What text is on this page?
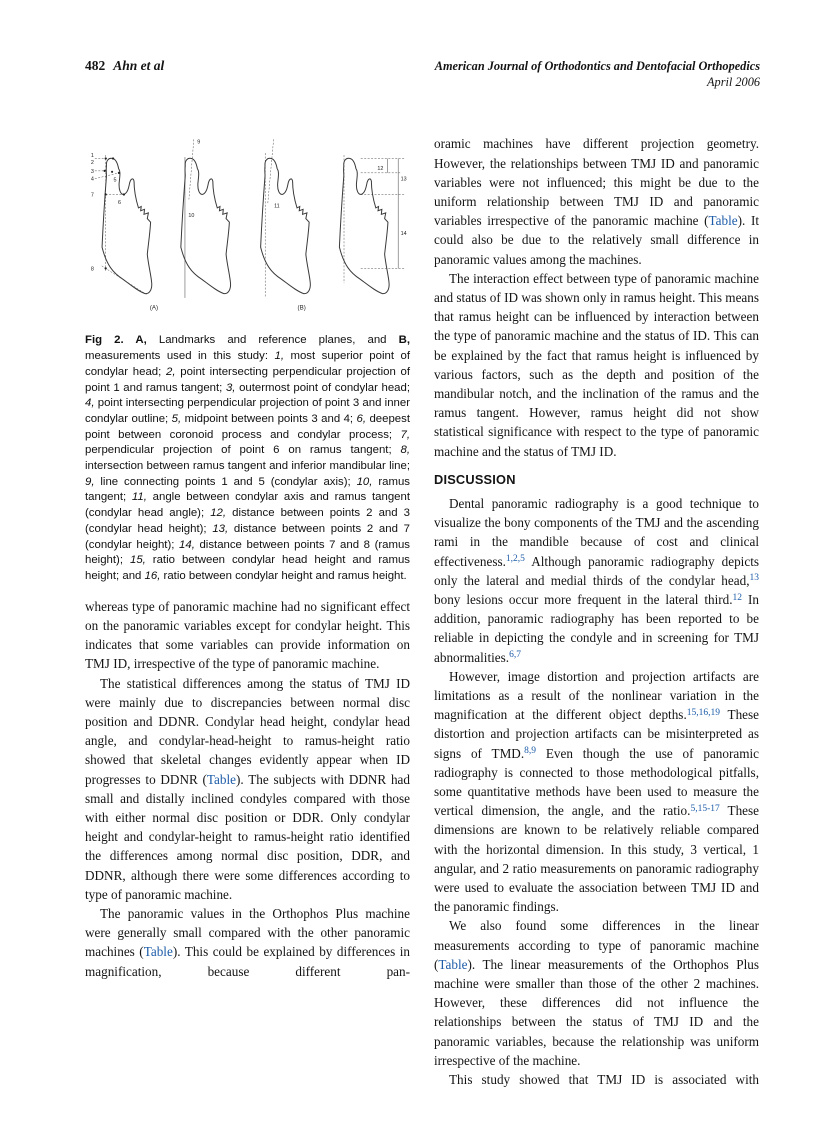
482 Ahn et al	American Journal of Orthodontics and Dentofacial Orthopedics
April 2006
1
2
3
4 5
6
7
8
9
10
11
12
13
14
(A)	(B)
Fig 2. A, Landmarks and reference planes, and B, measurements used in this study: 1, most superior point of condylar head; 2, point intersecting perpendicular projection of point 1 and ramus tangent; 3, outermost point of condylar head; 4, point intersecting perpendicular projection of point 3 and inner condylar outline; 5, midpoint between points 3 and 4; 6, deepest point between coronoid process and condylar process; 7, perpendicular projection of point 6 on ramus tangent; 8, intersection between ramus tangent and inferior mandibular line; 9, line connecting points 1 and 5 (condylar axis); 10, ramus tangent; 11, angle between condylar axis and ramus tangent (condylar head angle); 12, distance between points 2 and 3 (condylar head height); 13, distance between points 2 and 7 (condylar height); 14, distance between points 7 and 8 (ramus height); 15, ratio between condylar head height and ramus height; and 16, ratio between condylar height and ramus height.

whereas type of panoramic machine had no significant effect on the panoramic variables except for condylar height. This indicates that some variables can provide information on TMJ ID, irrespective of the type of panoramic machine.

The statistical differences among the status of TMJ ID were mainly due to discrepancies between normal disc position and DDNR. Condylar head height, condylar head angle, and condylar-head-height to ramus-height ratio showed that skeletal changes evidently appear when ID progresses to DDNR (Table). The subjects with DDNR had small and distally inclined condyles compared with those with either normal disc position or DDR. Only condylar height and condylar-height to ramus-height ratio identified the differences among normal disc position, DDR, and DDNR, although there were some differences according to type of panoramic machine.

The panoramic values in the Orthophos Plus machine were generally small compared with the other panoramic machines (Table). This could be explained by differences in magnification, because different pan-

oramic machines have different projection geometry. However, the relationships between TMJ ID and panoramic variables were not influenced; this might be due to the uniform relationship between TMJ ID and panoramic variables irrespective of the panoramic machine (Table). It could also be due to the relatively small difference in panoramic values among the machines.

The interaction effect between type of panoramic machine and status of ID was shown only in ramus height. This means that ramus height can be influenced by interaction between the type of panoramic machine and the status of ID. This can be explained by the fact that ramus height is influenced by various factors, such as the depth and position of the mandibular notch, and the inclination of the ramus and the ramus tangent. However, ramus height did not show statistical significance with respect to the type of panoramic machine and the status of TMJ ID.

DISCUSSION

Dental panoramic radiography is a good technique to visualize the bony components of the TMJ and the ascending rami in the mandible because of cost and clinical effectiveness.$^{1,2,5}$ Although panoramic radiography depicts only the lateral and medial thirds of the condylar head,$^{13}$ bony lesions occur more frequent in the lateral third.$^{12}$ In addition, panoramic radiography has been reported to be reliable in depicting the condyle and in screening for TMJ abnormalities.$^{6,7}$

However, image distortion and projection artifacts are limitations as a result of the nonlinear variation in the magnification at the different object depths.$^{15,16,19}$ These distortion and projection artifacts can be misinterpreted as signs of TMD.$^{8,9}$ Even though the use of panoramic radiography is connected to those methodological pitfalls, some quantitative methods have been used to measure the vertical dimension, the angle, and the ratio.$^{5,15-17}$ These dimensions are known to be relatively reliable compared with the horizontal dimension. In this study, 3 vertical, 1 angular, and 2 ratio measurements on panoramic radiography were used to evaluate the association between TMJ ID and the panoramic findings.

We also found some differences in the linear measurements according to type of panoramic machine (Table). The linear measurements of the Orthophos Plus machine were smaller than those of the other 2 machines. However, these differences did not influence the relationships between the status of TMJ ID and the panoramic variables, because the relationship was uniform irrespective of the machine.

This study showed that TMJ ID is associated with
